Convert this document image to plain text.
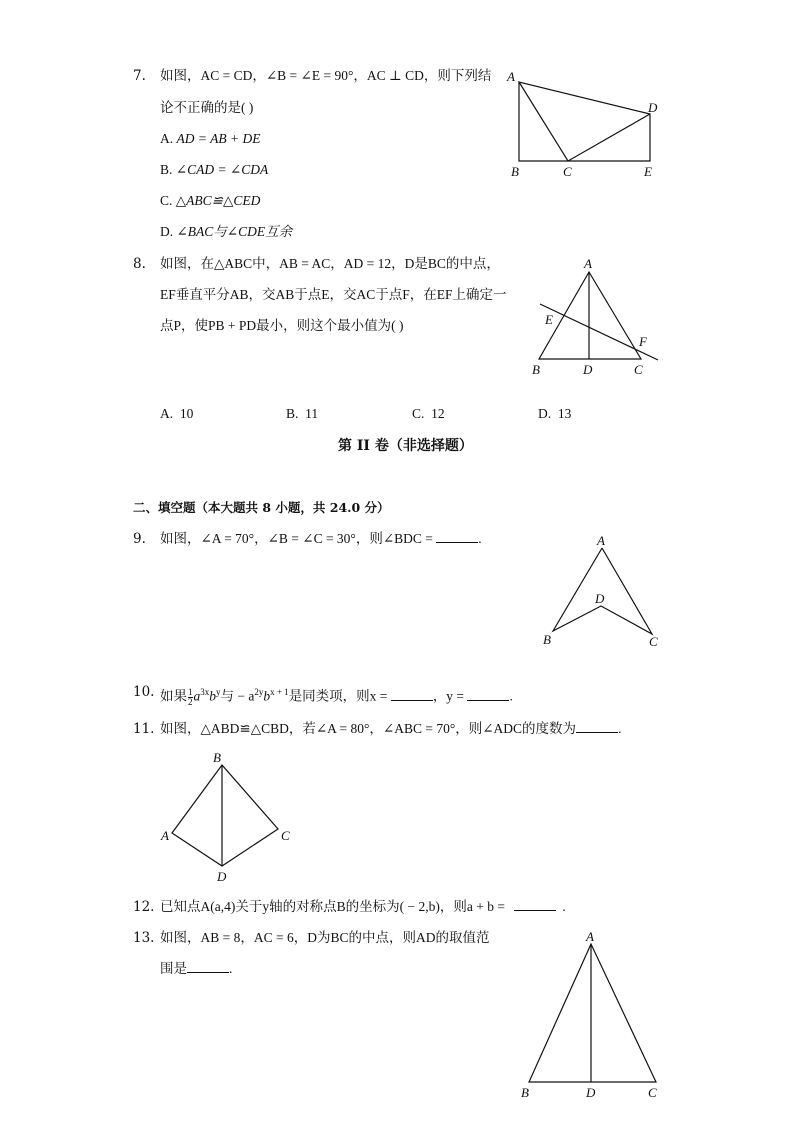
7. 如图，AC = CD，∠B = ∠E = 90°，AC ⊥ CD，则下列结
论不正确的是( )
A. AD = AB + DE
B. ∠CAD = ∠CDA
C. △ABC≌△CED
D. ∠BAC与∠CDE互余
A
B	C
D
E
8. 如图，在△ABC中，AB = AC，AD = 12，D是BC的中点，
EF垂直平分AB，交AB于点E，交AC于点F，在EF上确定一
点P，使PB + PD最小，则这个最小值为( )
A. 10	B. 11	C. 12	D. 13
A
B	C
D
E
F
第 II 卷（非选择题）
二、填空题（本大题共 8 小题，共 24.0 分）
9. 如图，∠A = 70°，∠B = ∠C = 30°，则∠BDC =	.	A
B	C
D
10. 如果 $\frac{1}{2} a^{3x}b^y$与 − $a^{2y}b^{x + 1}$是同类项，则x =	，y =	.
11. 如图，△ABD≌△CBD，若∠A = 80°，∠ABC = 70°，则∠ADC的度数为	.
B
A	C
D
12. 已知点A(a,4)关于y轴的对称点B的坐标为( − 2,b)，则a + b =	.
13. 如图，AB = 8，AC = 6，D为BC的中点，则AD的取值范
围是	.
A
B	D	C
